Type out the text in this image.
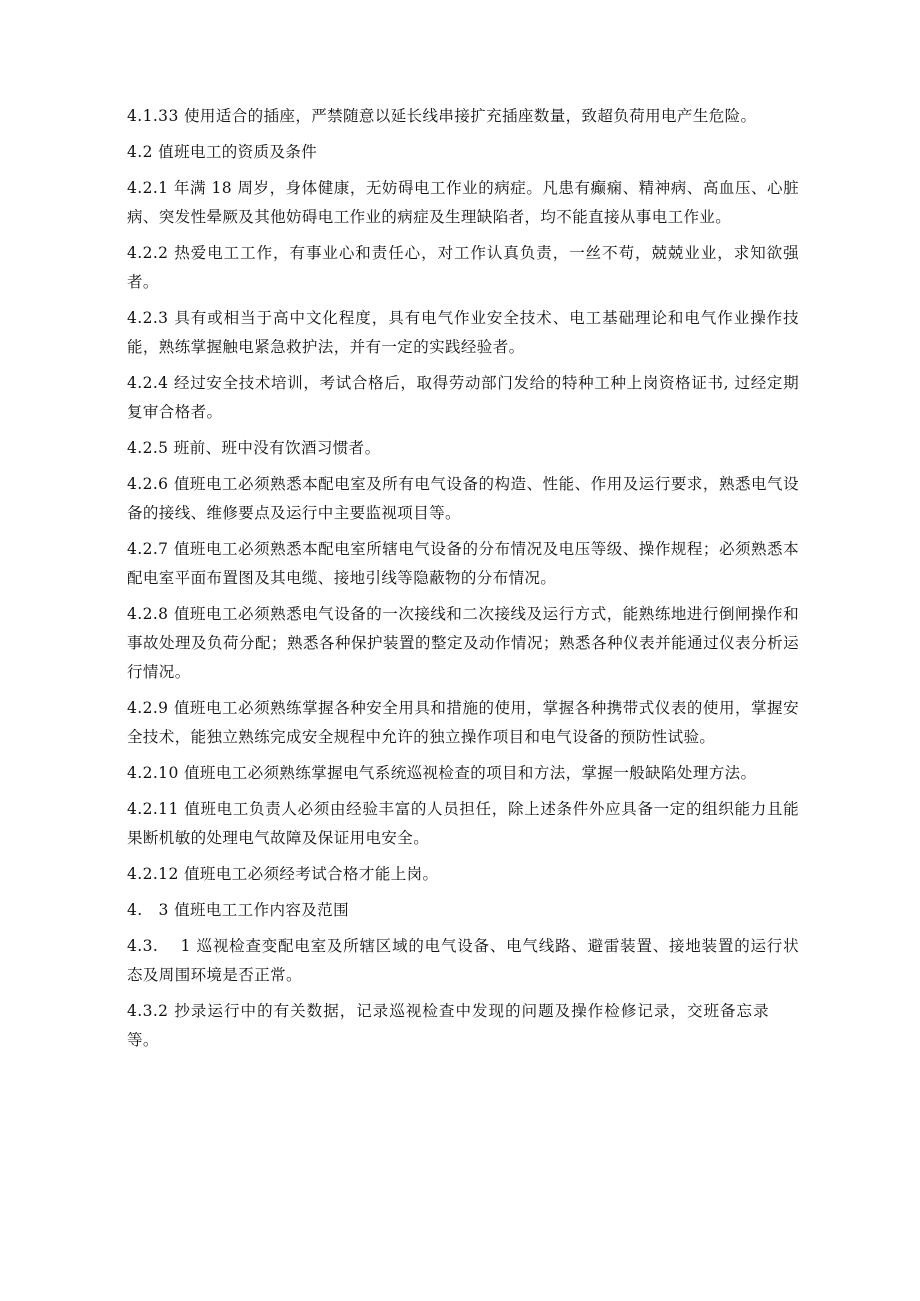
4.1.33 使用适合的插座，严禁随意以延长线串接扩充插座数量，致超负荷用电产生危险。

4.2 值班电工的资质及条件

4.2.1 年满 18 周岁，身体健康，无妨碍电工作业的病症。凡患有癫痫、精神病、高血压、心脏病、突发性晕厥及其他妨碍电工作业的病症及生理缺陷者，均不能直接从事电工作业。

4.2.2 热爱电工工作，有事业心和责任心，对工作认真负责，一丝不苟，兢兢业业，求知欲强者。

4.2.3 具有或相当于高中文化程度，具有电气作业安全技术、电工基础理论和电气作业操作技能，熟练掌握触电紧急救护法，并有一定的实践经验者。

4.2.4 经过安全技术培训，考试合格后，取得劳动部门发给的特种工种上岗资格证书, 过经定期复审合格者。

4.2.5 班前、班中没有饮酒习惯者。

4.2.6 值班电工必须熟悉本配电室及所有电气设备的构造、性能、作用及运行要求，熟悉电气设备的接线、维修要点及运行中主要监视项目等。

4.2.7 值班电工必须熟悉本配电室所辖电气设备的分布情况及电压等级、操作规程；必须熟悉本配电室平面布置图及其电缆、接地引线等隐蔽物的分布情况。

4.2.8 值班电工必须熟悉电气设备的一次接线和二次接线及运行方式，能熟练地进行倒闸操作和事故处理及负荷分配；熟悉各种保护装置的整定及动作情况；熟悉各种仪表并能通过仪表分析运行情况。

4.2.9 值班电工必须熟练掌握各种安全用具和措施的使用，掌握各种携带式仪表的使用，掌握安全技术，能独立熟练完成安全规程中允许的独立操作项目和电气设备的预防性试验。

4.2.10 值班电工必须熟练掌握电气系统巡视检查的项目和方法，掌握一般缺陷处理方法。

4.2.11 值班电工负责人必须由经验丰富的人员担任，除上述条件外应具备一定的组织能力且能果断机敏的处理电气故障及保证用电安全。

4.2.12 值班电工必须经考试合格才能上岗。

4.　3 值班电工工作内容及范围

4.3.　 1 巡视检查变配电室及所辖区域的电气设备、电气线路、避雷装置、接地装置的运行状态及周围环境是否正常。

4.3.2 抄录运行中的有关数据，记录巡视检查中发现的问题及操作检修记录，交班备忘录等。
